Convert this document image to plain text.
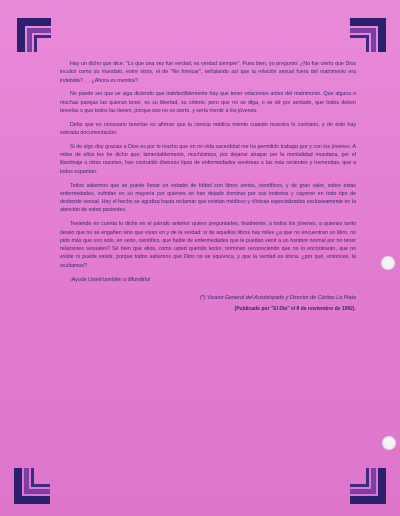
Hay un dicho que dice: "Lo que una vez fue verdad, es verdad siempre". Pues bien, yo pregunto: ¿No fue cierto que Dios inculcó como su mandato, entre otros, el de "No fornicar", señalando así que la relación sexual fuera del matrimonio era indebida?. . . ¿Ahora es mentira?.

No puede ser que se siga diciendo que indefectiblemente hay que tener relaciones antes del matrimonio. Que alguna o muchas parejas las quieran tener, es su libertad, su criterio; pero que no se diga, o se dé por sentado, que todos deben tenerlas o que todos las tienen, porque eso no es cierto, y sería mentir a los jóvenes.

Debo que es necesario tenerlas es afirmar que la ciencia médica miente cuando muestra lo contrario, y de ésto hay sobrada documentación.

Si de algo doy gracias a Dios es por lo mucho que en mi vida sacerdotal me ha permitido trabajar por y con los jóvenes. A miles de ellos les he dicho que, lamentablemente, muchísimos, por dejarse atrapar por la mentalidad mundana, por el libertinaje u otras razones, han contraído diversos tipos de enfermedades venéreas o las más recientes y tremendas, que a todos espantan.

Todos sabemos que se puede llenar un estadio de fútbol con libros serios, científicos, y de gran valor, sobre estas enfermedades, sufridas en su mayoría por quienes se han dejado dominar por sus instintos y cayeron en todo tipo de desborde sexual. Hoy el hecho se agudiza hasta reclamar que existan médicos y clínicas especializados exclusivamente en la atención de estos pacientes.

Teniendo en cuenta lo dicho en el párrafo anterior quiero preguntarles, finalmente, a todos los jóvenes, a quienes tanto deseo que no se engañen sino que vivan en y de la verdad: si de aquellos libros hay miles ¿a que no encuentran un libro, no pido más que uno solo, en serio, científico, que hable de enfermedades que le puedan venir a un hombre normal por no tener relaciones sexuales? Sé bien que ellos, como usted querido lector, terminan reconociendo que no lo encontrarán, que no existe ni puede existir, porque todos sabemos que Dios no se equivoca, y que la verdad es única. ¿por qué, entonces, la ocultamos?

¡Ayude Usted también a difundirla!

(*) Vicario General del Arzobispado y Director de Cáritas La Plata
(Publicado por "El Día" el 8 de noviembre de 1992).
